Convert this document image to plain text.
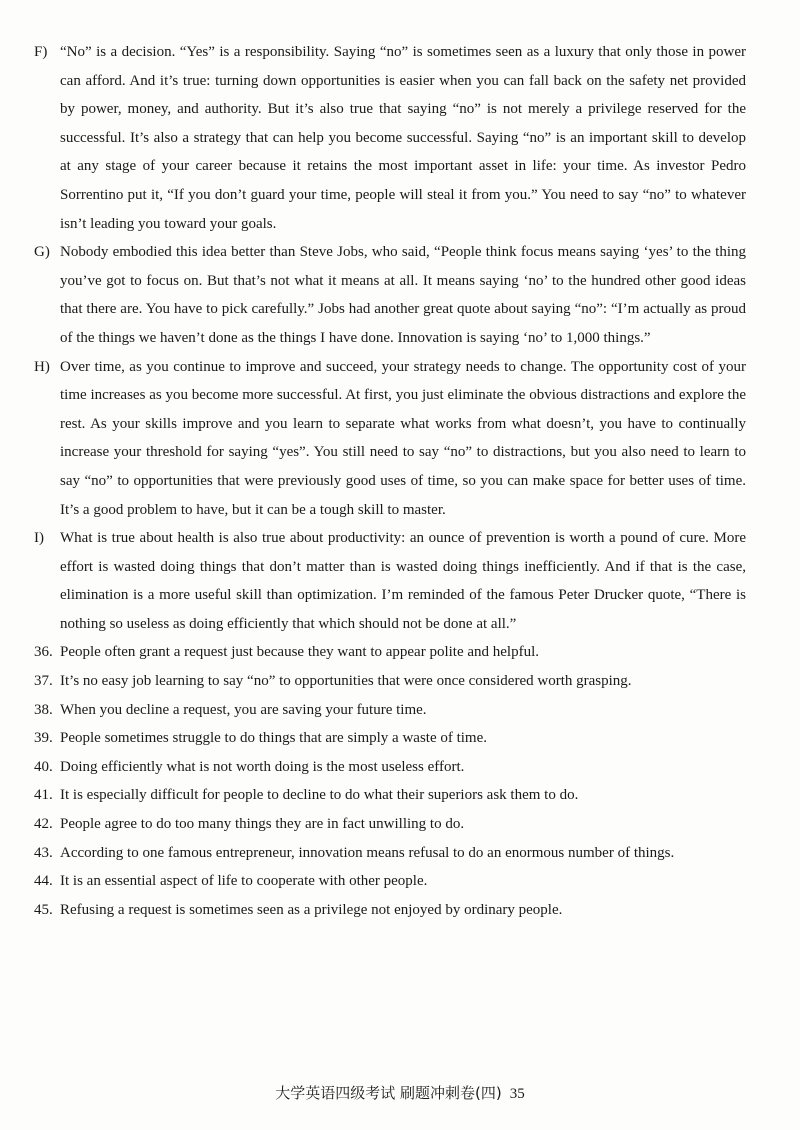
F) “No” is a decision. “Yes” is a responsibility. Saying “no” is sometimes seen as a luxury that only those in power can afford. And it’s true: turning down opportunities is easier when you can fall back on the safety net provided by power, money, and authority. But it’s also true that saying “no” is not merely a privilege reserved for the successful. It’s also a strategy that can help you become successful. Saying “no” is an important skill to develop at any stage of your career because it retains the most important asset in life: your time. As investor Pedro Sorrentino put it, “If you don’t guard your time, people will steal it from you.” You need to say “no” to whatever isn’t leading you toward your goals.

G) Nobody embodied this idea better than Steve Jobs, who said, “People think focus means saying ‘yes’ to the thing you’ve got to focus on. But that’s not what it means at all. It means saying ‘no’ to the hundred other good ideas that there are. You have to pick carefully.” Jobs had another great quote about saying “no”: “I’m actually as proud of the things we haven’t done as the things I have done. Innovation is saying ‘no’ to 1,000 things.”

H) Over time, as you continue to improve and succeed, your strategy needs to change. The opportunity cost of your time increases as you become more successful. At first, you just eliminate the obvious distractions and explore the rest. As your skills improve and you learn to separate what works from what doesn’t, you have to continually increase your threshold for saying “yes”. You still need to say “no” to distractions, but you also need to learn to say “no” to opportunities that were previously good uses of time, so you can make space for better uses of time. It’s a good problem to have, but it can be a tough skill to master.

I) What is true about health is also true about productivity: an ounce of prevention is worth a pound of cure. More effort is wasted doing things that don’t matter than is wasted doing things inefficiently. And if that is the case, elimination is a more useful skill than optimization. I’m reminded of the famous Peter Drucker quote, “There is nothing so useless as doing efficiently that which should not be done at all.”

36. People often grant a request just because they want to appear polite and helpful.
37. It’s no easy job learning to say “no” to opportunities that were once considered worth grasping.
38. When you decline a request, you are saving your future time.
39. People sometimes struggle to do things that are simply a waste of time.
40. Doing efficiently what is not worth doing is the most useless effort.
41. It is especially difficult for people to decline to do what their superiors ask them to do.
42. People agree to do too many things they are in fact unwilling to do.
43. According to one famous entrepreneur, innovation means refusal to do an enormous number of things.
44. It is an essential aspect of life to cooperate with other people.
45. Refusing a request is sometimes seen as a privilege not enjoyed by ordinary people.
大学英语四级考试 刷题冲刺卷(四) 35
